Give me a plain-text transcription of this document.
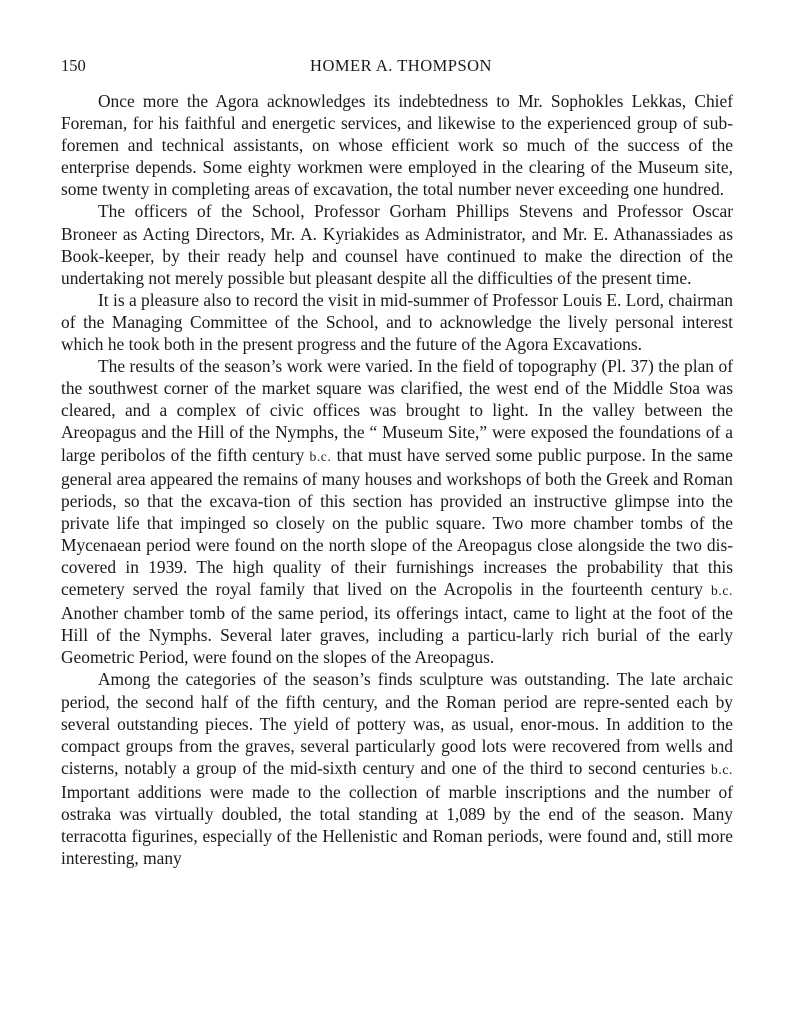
150	HOMER A. THOMPSON

Once more the Agora acknowledges its indebtedness to Mr. Sophokles Lekkas, Chief Foreman, for his faithful and energetic services, and likewise to the experienced group of sub-foremen and technical assistants, on whose efficient work so much of the success of the enterprise depends. Some eighty workmen were employed in the clearing of the Museum site, some twenty in completing areas of excavation, the total number never exceeding one hundred.

The officers of the School, Professor Gorham Phillips Stevens and Professor Oscar Broneer as Acting Directors, Mr. A. Kyriakides as Administrator, and Mr. E. Athanassiades as Book-keeper, by their ready help and counsel have continued to make the direction of the undertaking not merely possible but pleasant despite all the difficulties of the present time.

It is a pleasure also to record the visit in mid-summer of Professor Louis E. Lord, chairman of the Managing Committee of the School, and to acknowledge the lively personal interest which he took both in the present progress and the future of the Agora Excavations.

The results of the season’s work were varied. In the field of topography (Pl. 37) the plan of the southwest corner of the market square was clarified, the west end of the Middle Stoa was cleared, and a complex of civic offices was brought to light. In the valley between the Areopagus and the Hill of the Nymphs, the “ Museum Site,” were exposed the foundations of a large peribolos of the fifth century b.c. that must have served some public purpose. In the same general area appeared the remains of many houses and workshops of both the Greek and Roman periods, so that the excava-tion of this section has provided an instructive glimpse into the private life that impinged so closely on the public square. Two more chamber tombs of the Mycenaean period were found on the north slope of the Areopagus close alongside the two dis-covered in 1939. The high quality of their furnishings increases the probability that this cemetery served the royal family that lived on the Acropolis in the fourteenth century b.c. Another chamber tomb of the same period, its offerings intact, came to light at the foot of the Hill of the Nymphs. Several later graves, including a particu-larly rich burial of the early Geometric Period, were found on the slopes of the Areopagus.

Among the categories of the season’s finds sculpture was outstanding. The late archaic period, the second half of the fifth century, and the Roman period are repre-sented each by several outstanding pieces. The yield of pottery was, as usual, enor-mous. In addition to the compact groups from the graves, several particularly good lots were recovered from wells and cisterns, notably a group of the mid-sixth century and one of the third to second centuries b.c. Important additions were made to the collection of marble inscriptions and the number of ostraka was virtually doubled, the total standing at 1,089 by the end of the season. Many terracotta figurines, especially of the Hellenistic and Roman periods, were found and, still more interesting, many
